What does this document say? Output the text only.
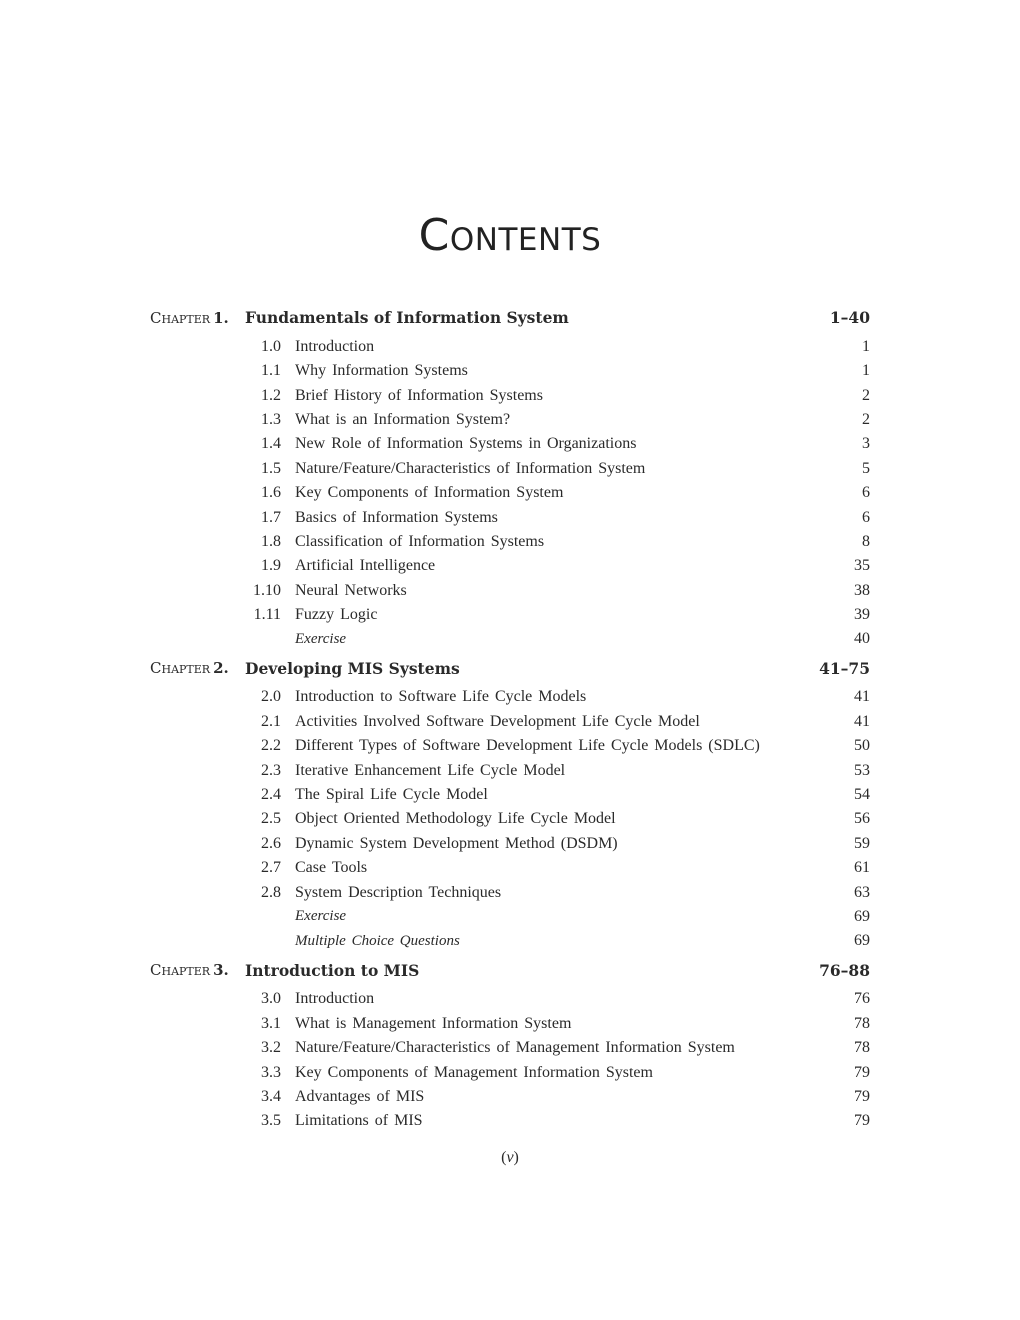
Contents
Chapter  1.	Fundamentals of Information System	1–40
1.0 Introduction	1
1.1 Why Information Systems	1
1.2 Brief History of Information Systems	2
1.3 What is an Information System?	2
1.4 New Role of Information Systems in Organizations	3
1.5 Nature/Feature/Characteristics of Information System	5
1.6 Key Components of Information System	6
1.7 Basics of Information Systems	6
1.8 Classification of Information Systems	8
1.9 Artificial Intelligence	35
1.10 Neural Networks	38
1.11 Fuzzy Logic	39
Exercise	40
Chapter  2.	Developing MIS Systems	41–75
2.0 Introduction to Software Life Cycle Models	41
2.1 Activities Involved Software Development Life Cycle Model	41
2.2 Different Types of Software Development Life Cycle Models (SDLC)	50
2.3 Iterative Enhancement Life Cycle Model	53
2.4 The Spiral Life Cycle Model	54
2.5 Object Oriented Methodology Life Cycle Model	56
2.6 Dynamic System Development Method (DSDM)	59
2.7 Case Tools	61
2.8 System Description Techniques	63
Exercise	69
Multiple Choice Questions	69
Chapter  3.	Introduction to MIS	76–88
3.0 Introduction	76
3.1 What is Management Information System	78
3.2 Nature/Feature/Characteristics of Management Information System	78
3.3 Key Components of Management Information System	79
3.4 Advantages of MIS	79
3.5 Limitations of MIS	79
(v)
